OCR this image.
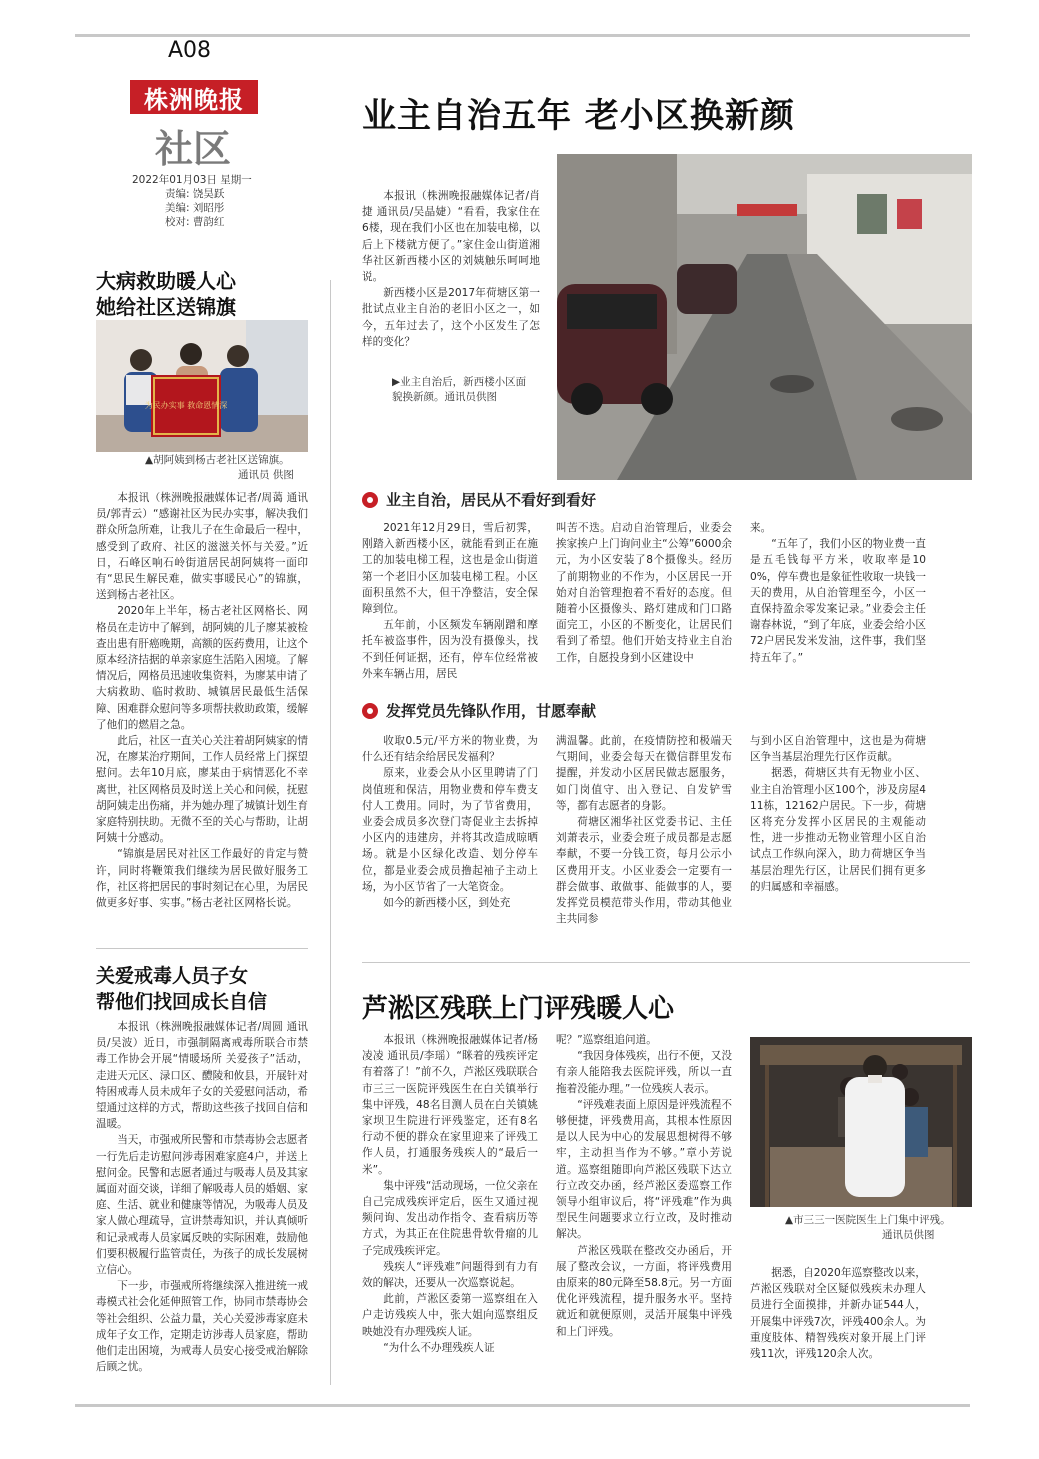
A08
株洲晚报
社区
2022年01月03日 星期一
责编: 饶昊跃
美编: 刘昭彤
校对: 曹韵红
大病救助暖人心
她给社区送锦旗
为民办实事 救命恩情深
▲胡阿姨到杨古老社区送锦旗。
通讯员 供图

本报讯（株洲晚报融媒体记者/周蔼 通讯员/郭青云）“感谢社区为民办实事，解决我们群众所急所难，让我儿子在生命最后一程中，感受到了政府、社区的滋滋关怀与关爱。”近日，石峰区响石岭街道居民胡阿姨将一面印有“思民生解民难，做实事暖民心”的锦旗，送到杨古老社区。

2020年上半年，杨古老社区网格长、网格员在走访中了解到，胡阿姨的儿子廖某被检查出患有肝癌晚期，高额的医药费用，让这个原本经济拮据的单亲家庭生活陷入困境。了解情况后，网格员迅速收集资料，为廖某申请了大病救助、临时救助、城镇居民最低生活保障、困难群众慰问等多项帮扶救助政策，缓解了他们的燃眉之急。

此后，社区一直关心关注着胡阿姨家的情况，在廖某治疗期间，工作人员经常上门探望慰问。去年10月底，廖某由于病情恶化不幸离世，社区网格员及时送上关心和问候，抚慰胡阿姨走出伤痛，并为她办理了城镇计划生育家庭特别扶助。无微不至的关心与帮助，让胡阿姨十分感动。

“锦旗是居民对社区工作最好的肯定与赞许，同时将鞭策我们继续为居民做好服务工作，社区将把居民的事时刻记在心里，为居民做更多好事、实事。”杨古老社区网格长说。

关爱戒毒人员子女
帮他们找回成长自信

本报讯（株洲晚报融媒体记者/周圆 通讯员/吴波）近日，市强制隔离戒毒所联合市禁毒工作协会开展“情暖场所 关爱孩子”活动，走进天元区、渌口区、醴陵和攸县，开展针对特困戒毒人员未成年子女的关爱慰问活动，希望通过这样的方式，帮助这些孩子找回自信和温暖。

当天，市强戒所民警和市禁毒协会志愿者一行先后走访慰问涉毒困难家庭4户，并送上慰问金。民警和志愿者通过与吸毒人员及其家属面对面交谈，详细了解吸毒人员的婚姻、家庭、生活、就业和健康等情况，为吸毒人员及家人做心理疏导，宣讲禁毒知识，并认真倾听和记录戒毒人员家属反映的实际困难，鼓励他们要积极履行监管责任，为孩子的成长发展树立信心。

下一步，市强戒所将继续深入推进统一戒毒模式社会化延伸照管工作，协同市禁毒协会等社会组织、公益力量，关心关爱涉毒家庭未成年子女工作，定期走访涉毒人员家庭，帮助他们走出困境，为戒毒人员安心接受戒治解除后顾之忧。

业主自治五年 老小区换新颜

本报讯（株洲晚报融媒体记者/肖捷 通讯员/吴晶婕）“看看，我家住在6楼，现在我们小区也在加装电梯，以后上下楼就方便了。”家住金山街道湘华社区新西楼小区的刘姨触乐呵呵地说。

新西楼小区是2017年荷塘区第一批试点业主自治的老旧小区之一，如今，五年过去了，这个小区发生了怎样的变化？

▶业主自治后，新西楼小区面
貌换新颜。通讯员供图
业主自治，居民从不看好到看好

2021年12月29日，雪后初霁，刚踏入新西楼小区，就能看到正在施工的加装电梯工程，这也是金山街道第一个老旧小区加装电梯工程。小区面积虽然不大，但干净整洁，安全保障到位。

五年前，小区频发车辆剐蹭和摩托车被盗事件，因为没有摄像头，找不到任何证据，还有，停车位经常被外来车辆占用，居民

叫苦不迭。启动自治管理后，业委会挨家挨户上门询问业主“公筹”6000余元，为小区安装了8个摄像头。经历了前期物业的不作为，小区居民一开始对自治管理抱着不看好的态度。但随着小区摄像头、路灯建成和门口路面完工，小区的不断变化，让居民们看到了希望。他们开始支持业主自治工作，自愿投身到小区建设中

来。

“五年了，我们小区的物业费一直是五毛钱每平方米，收取率是100%，停车费也是象征性收取一块钱一天的费用，从自治管理至今，小区一直保持盈余零发案记录。”业委会主任谢春林说，“到了年底，业委会给小区72户居民发米发油，这件事，我们坚持五年了。”

发挥党员先锋队作用，甘愿奉献

收取0.5元/平方米的物业费，为什么还有结余给居民发福利？

原来，业委会从小区里聘请了门岗值班和保洁，用物业费和停车费支付人工费用。同时，为了节省费用，业委会成员多次登门寄促业主去拆掉小区内的违建房，并将其改造成晾晒场。就是小区绿化改造、划分停车位，都是业委会成员撸起袖子主动上场，为小区节省了一大笔资金。

如今的新西楼小区，到处充

满温馨。此前，在疫情防控和极端天气期间，业委会每天在微信群里发布提醒，并发动小区居民做志愿服务，如门岗值守、出入登记、自发铲雪等，都有志愿者的身影。

荷塘区湘华社区党委书记、主任刘萧表示，业委会班子成员都是志愿奉献，不要一分钱工资，每月公示小区费用开支。小区业委会一定要有一群会做事、敢做事、能做事的人，要发挥党员模范带头作用，带动其他业主共同参

与到小区自治管理中，这也是为荷塘区争当基层治理先行区作贡献。

据悉，荷塘区共有无物业小区、业主自治管理小区100个，涉及房屋411栋，12162户居民。下一步，荷塘区将充分发挥小区居民的主观能动性，进一步推动无物业管理小区自治试点工作纵向深入，助力荷塘区争当基层治理先行区，让居民们拥有更多的归属感和幸福感。

芦淞区残联上门评残暖人心

本报讯（株洲晚报融媒体记者/杨凌凌 通讯员/李瑶）“眯着的残疾评定有着落了！”前不久，芦淞区残联联合市三三一医院评残医生在白关镇举行集中评残，48名目测人员在白关镇姚家坝卫生院进行评残鉴定，还有8名行动不便的群众在家里迎来了评残工作人员，打通服务残疾人的“最后一米”。

集中评残“活动现场，一位父亲在自己完成残疾评定后，医生又通过视频问询、发出动作指令、查看病历等方式，为其正在住院患骨软骨瘤的儿子完成残疾评定。

残疾人“评残难”问题得到有力有效的解决，还要从一次巡察说起。

此前，芦淞区委第一巡察组在入户走访残疾人中，张大姐向巡察组反映她没有办理残疾人证。

“为什么不办理残疾人证

呢？”巡察组追问道。

“我因身体残疾，出行不便，又没有亲人能陪我去医院评残，所以一直拖着没能办理。”一位残疾人表示。

“评残难表面上原因是评残流程不够便捷，评残费用高，其根本性原因是以人民为中心的发展思想树得不够牢，主动担当作为不够。”章小芳说道。巡察组随即向芦淞区残联下达立行立改交办函，经芦淞区委巡察工作领导小组审议后，将“评残难”作为典型民生问题要求立行立改，及时推动解决。

芦淞区残联在整改交办函后，开展了整改会议，一方面，将评残费用由原来的80元降至58.8元。另一方面优化评残流程，提升服务水平。坚持就近和就便原则，灵活开展集中评残和上门评残。

▲市三三一医院医生上门集中评残。
通讯员供图

据悉，自2020年巡察整改以来，芦淞区残联对全区疑似残疾未办理人员进行全面摸排，并新办证544人，开展集中评残7次，评残400余人。为重度肢体、精智残疾对象开展上门评残11次，评残120余人次。
